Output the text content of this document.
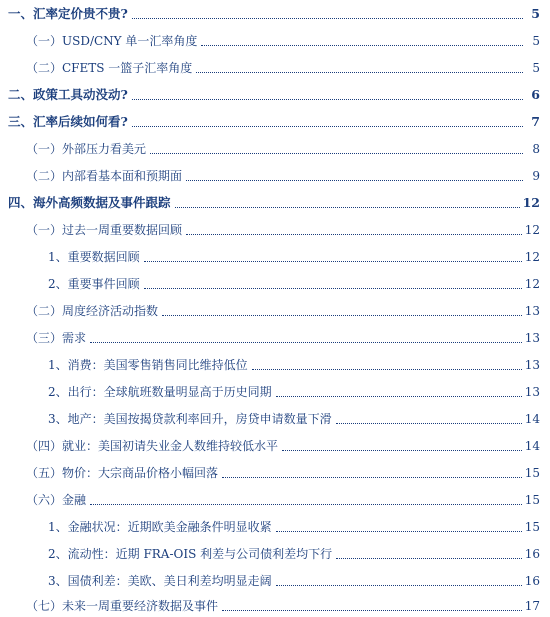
一、汇率定价贵不贵?	5
（一）USD/CNY 单一汇率角度	5
（二）CFETS 一篮子汇率角度	5
二、政策工具动没动?	6
三、汇率后续如何看?	7
（一）外部压力看美元	8
（二）内部看基本面和预期面	9
四、海外高频数据及事件跟踪	12
（一）过去一周重要数据回顾	12
1、重要数据回顾	12
2、重要事件回顾	12
（二）周度经济活动指数	13
（三）需求	13
1、消费：美国零售销售同比维持低位	13
2、出行：全球航班数量明显高于历史同期	13
3、地产：美国按揭贷款利率回升，房贷申请数量下滑	14
（四）就业：美国初请失业金人数维持较低水平	14
（五）物价：大宗商品价格小幅回落	15
（六）金融	15
1、金融状况：近期欧美金融条件明显收紧	15
2、流动性：近期 FRA-OIS 利差与公司债利差均下行	16
3、国债利差：美欧、美日利差均明显走阔	16
（七）未来一周重要经济数据及事件	17
